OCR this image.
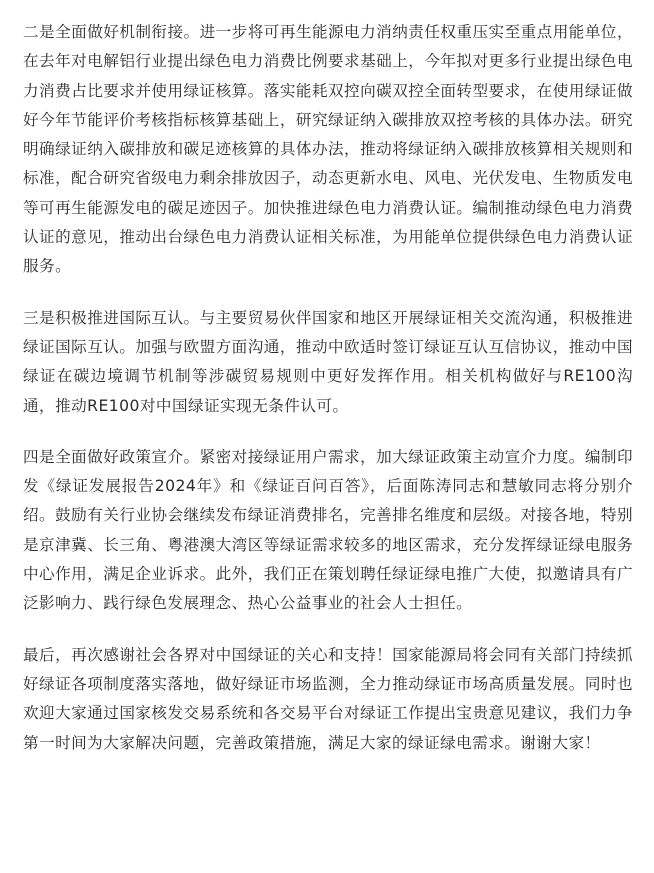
二是全面做好机制衔接。进一步将可再生能源电力消纳责任权重压实至重点用能单位，在去年对电解铝行业提出绿色电力消费比例要求基础上，今年拟对更多行业提出绿色电力消费占比要求并使用绿证核算。落实能耗双控向碳双控全面转型要求，在使用绿证做好今年节能评价考核指标核算基础上，研究绿证纳入碳排放双控考核的具体办法。研究明确绿证纳入碳排放和碳足迹核算的具体办法，推动将绿证纳入碳排放核算相关规则和标准，配合研究省级电力剩余排放因子，动态更新水电、风电、光伏发电、生物质发电等可再生能源发电的碳足迹因子。加快推进绿色电力消费认证。编制推动绿色电力消费认证的意见，推动出台绿色电力消费认证相关标准，为用能单位提供绿色电力消费认证服务。

三是积极推进国际互认。与主要贸易伙伴国家和地区开展绿证相关交流沟通，积极推进绿证国际互认。加强与欧盟方面沟通，推动中欧适时签订绿证互认互信协议，推动中国绿证在碳边境调节机制等涉碳贸易规则中更好发挥作用。相关机构做好与RE100沟通，推动RE100对中国绿证实现无条件认可。

四是全面做好政策宣介。紧密对接绿证用户需求，加大绿证政策主动宣介力度。编制印发《绿证发展报告2024年》和《绿证百问百答》，后面陈涛同志和慧敏同志将分别介绍。鼓励有关行业协会继续发布绿证消费排名，完善排名维度和层级。对接各地，特别是京津冀、长三角、粤港澳大湾区等绿证需求较多的地区需求，充分发挥绿证绿电服务中心作用，满足企业诉求。此外，我们正在策划聘任绿证绿电推广大使，拟邀请具有广泛影响力、践行绿色发展理念、热心公益事业的社会人士担任。

最后，再次感谢社会各界对中国绿证的关心和支持！国家能源局将会同有关部门持续抓好绿证各项制度落实落地，做好绿证市场监测，全力推动绿证市场高质量发展。同时也欢迎大家通过国家核发交易系统和各交易平台对绿证工作提出宝贵意见建议，我们力争第一时间为大家解决问题，完善政策措施，满足大家的绿证绿电需求。谢谢大家！
